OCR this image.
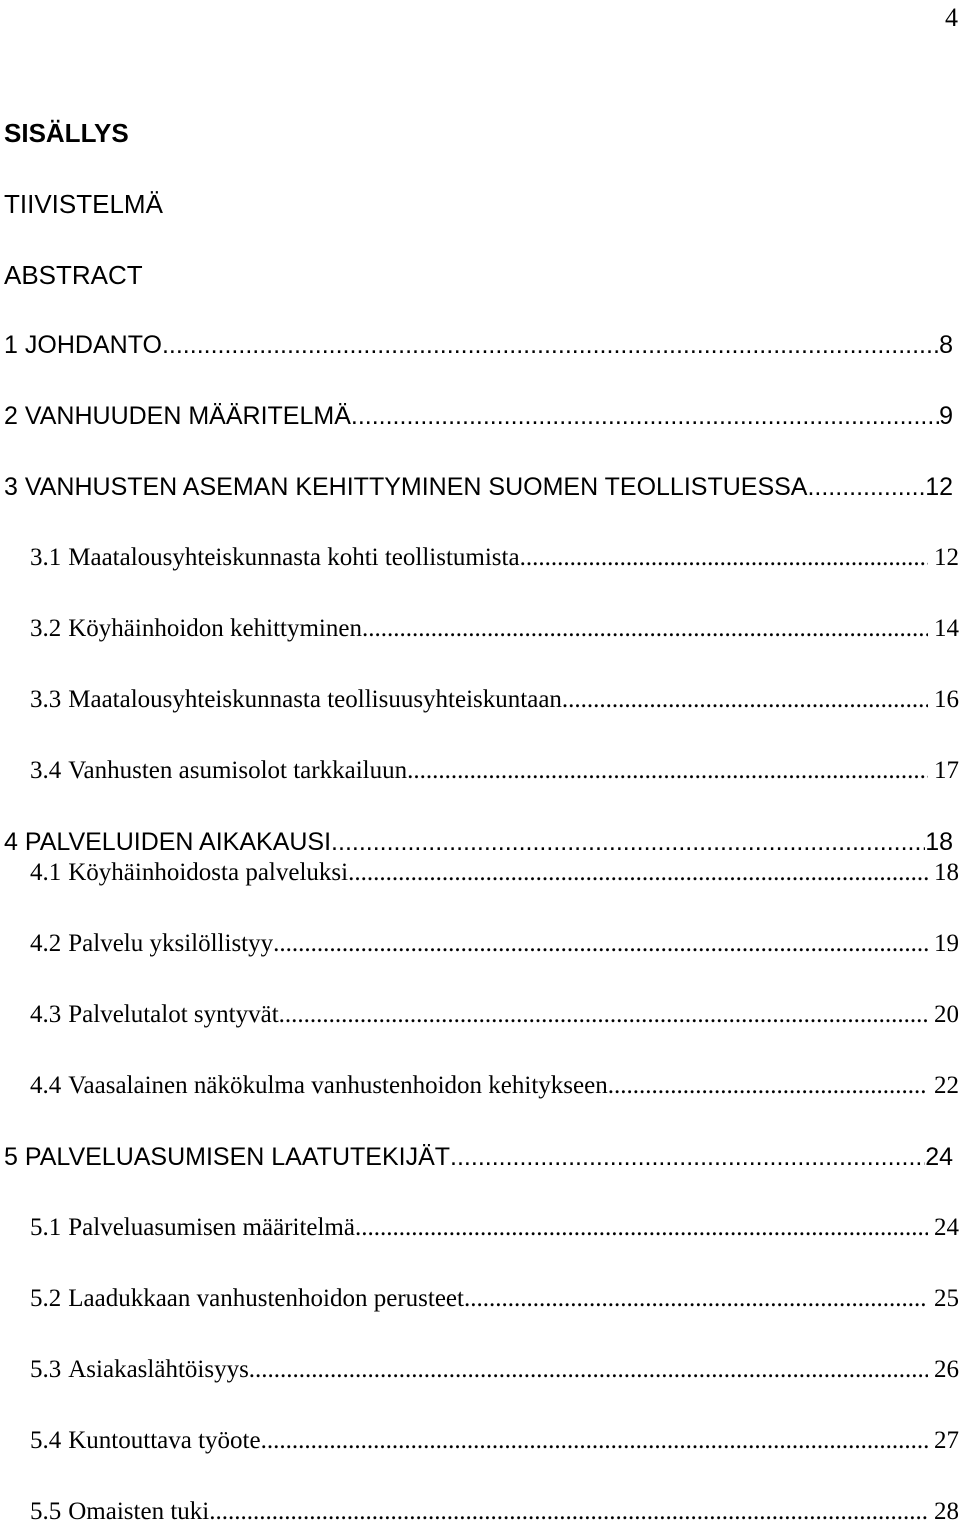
4
SISÄLLYS
TIIVISTELMÄ
ABSTRACT
1 JOHDANTO .....	8
2 VANHUUDEN MÄÄRITELMÄ .....	9
3 VANHUSTEN ASEMAN KEHITTYMINEN SUOMEN TEOLLISTUESSA .....	12
3.1 Maatalousyhteiskunnasta kohti teollistumista .....	12
3.2 Köyhäinhoidon kehittyminen .....	14
3.3 Maatalousyhteiskunnasta teollisuusyhteiskuntaan .....	16
3.4 Vanhusten asumisolot tarkkailuun .....	17
4 PALVELUIDEN AIKAKAUSI .....	18
4.1 Köyhäinhoidosta palveluksi .....	18
4.2 Palvelu yksilöllistyy .....	19
4.3 Palvelutalot syntyvät .....	20
4.4 Vaasalainen näkökulma vanhustenhoidon kehitykseen .....	22
5 PALVELUASUMISEN LAATUTEKIJÄT .....	24
5.1 Palveluasumisen määritelmä .....	24
5.2 Laadukkaan vanhustenhoidon perusteet .....	25
5.3 Asiakaslähtöisyys .....	26
5.4 Kuntouttava työote .....	27
5.5 Omaisten tuki .....	28
